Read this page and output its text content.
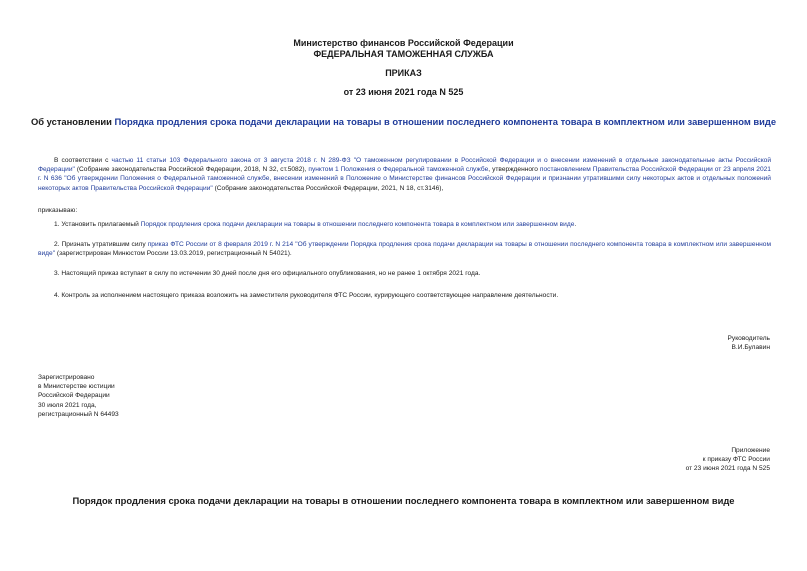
Министерство финансов Российской Федерации
ФЕДЕРАЛЬНАЯ ТАМОЖЕННАЯ СЛУЖБА
ПРИКАЗ
от 23 июня 2021 года N 525
Об установлении Порядка продления срока подачи декларации на товары в отношении последнего компонента товара в комплектном или завершенном виде
В соответствии с частью 11 статьи 103 Федерального закона от 3 августа 2018 г. N 289-ФЗ "О таможенном регулировании в Российской Федерации и о внесении изменений в отдельные законодательные акты Российской Федерации" (Собрание законодательства Российской Федерации, 2018, N 32, ст.5082), пунктом 1 Положения о Федеральной таможенной службе, утвержденного постановлением Правительства Российской Федерации от 23 апреля 2021 г. N 636 "Об утверждении Положения о Федеральной таможенной службе, внесении изменений в Положение о Министерстве финансов Российской Федерации и признании утратившими силу некоторых актов и отдельных положений некоторых актов Правительства Российской Федерации" (Собрание законодательства Российской Федерации, 2021, N 18, ст.3146),
приказываю:
1. Установить прилагаемый Порядок продления срока подачи декларации на товары в отношении последнего компонента товара в комплектном или завершенном виде.
2. Признать утратившим силу приказ ФТС России от 8 февраля 2019 г. N 214 "Об утверждении Порядка продления срока подачи декларации на товары в отношении последнего компонента товара в комплектном или завершенном виде" (зарегистрирован Минюстом России 13.03.2019, регистрационный N 54021).
3. Настоящий приказ вступает в силу по истечении 30 дней после дня его официального опубликования, но не ранее 1 октября 2021 года.
4. Контроль за исполнением настоящего приказа возложить на заместителя руководителя ФТС России, курирующего соответствующее направление деятельности.
Руководитель
В.И.Булавин
Зарегистрировано
в Министерстве юстиции
Российской Федерации
30 июля 2021 года,
регистрационный N 64493
Приложение
к приказу ФТС России
от 23 июня 2021 года N 525
Порядок продления срока подачи декларации на товары в отношении последнего компонента товара в комплектном или завершенном виде
